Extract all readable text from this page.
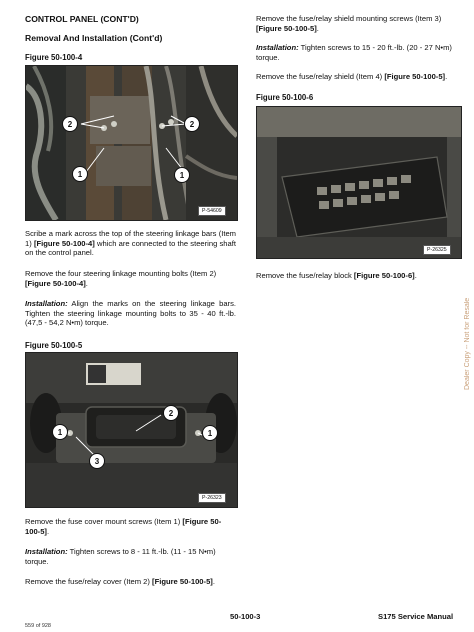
CONTROL PANEL (CONT'D)
Removal And Installation (Cont'd)
Figure 50-100-4
2	2
1	1
P-54609
Scribe a mark across the top of the steering linkage bars (Item 1) [Figure 50-100-4] which are connected to the steering shaft on the control panel.
Remove the four steering linkage mounting bolts (Item 2) [Figure 50-100-4].
Installation: Align the marks on the steering linkage bars. Tighten the steering linkage mounting bolts to 35 - 40 ft.-lb. (47,5 - 54,2 N•m) torque.
Figure 50-100-5
2
1	1
3
P-26323
Remove the fuse cover mount screws (Item 1) [Figure 50-100-5].
Installation: Tighten screws to 8 - 11 ft.-lb. (11 - 15 N•m) torque.
Remove the fuse/relay cover (Item 2) [Figure 50-100-5].
Remove the fuse/relay shield mounting screws (Item 3) [Figure 50-100-5].
Installation: Tighten screws to 15 - 20 ft.-lb. (20 - 27 N•m) torque.
Remove the fuse/relay shield (Item 4) [Figure 50-100-5].
Figure 50-100-6
P-26325
Remove the fuse/relay block [Figure 50-100-6].
Dealer Copy -- Not for Resale
559 of 928
50-100-3	S175 Service Manual
